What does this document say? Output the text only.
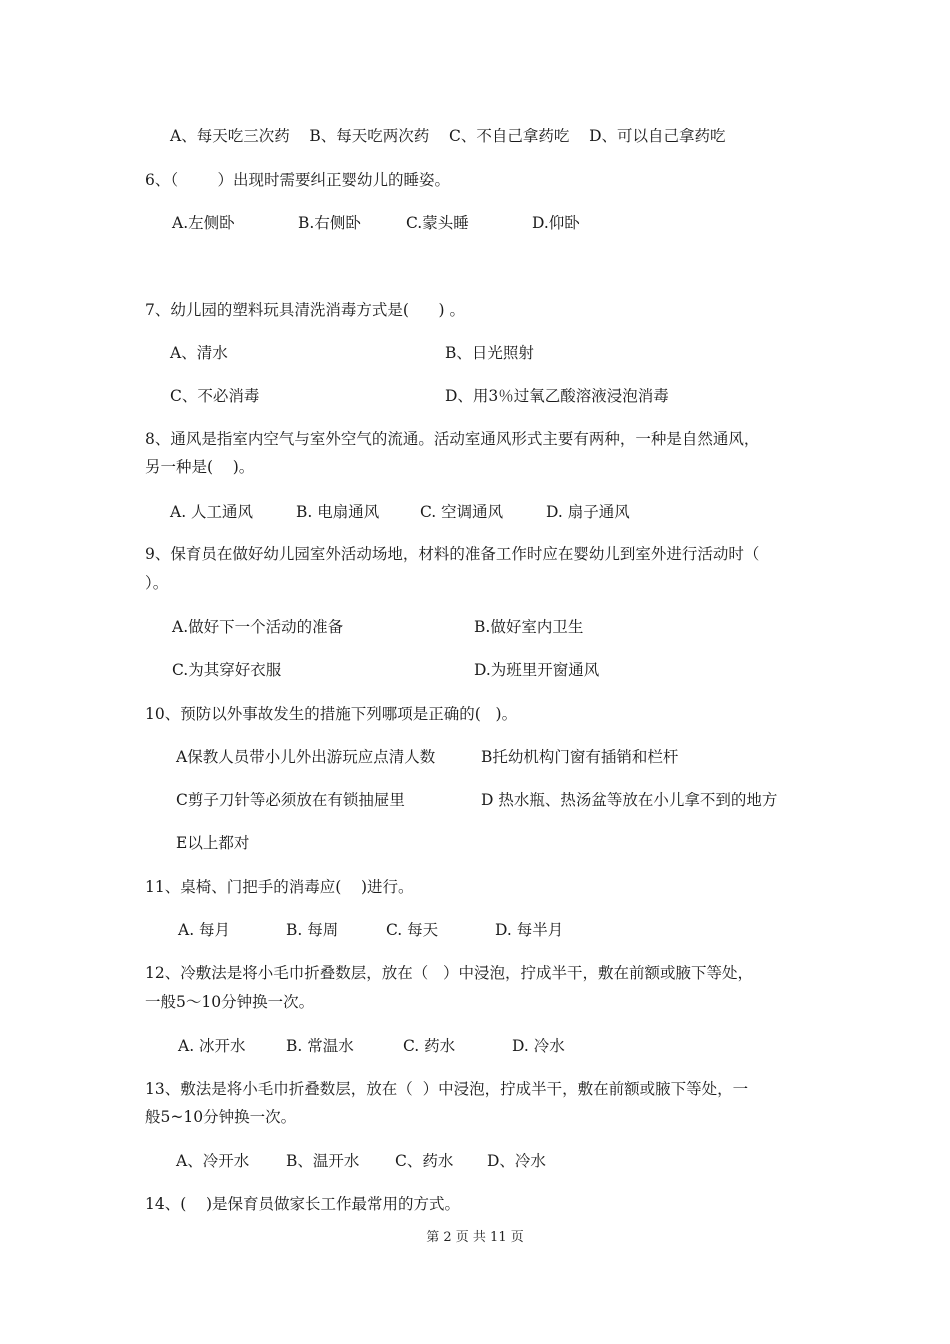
A、每天吃三次药    B、每天吃两次药    C、不自己拿药吃    D、可以自己拿药吃
6、（        ）出现时需要纠正婴幼儿的睡姿。
A.左侧卧	B.右侧卧	C.蒙头睡	D.仰卧
7、幼儿园的塑料玩具清洗消毒方式是(      ) 。
A、清水	B、日光照射
C、不必消毒	D、用3％过氧乙酸溶液浸泡消毒
8、通风是指室内空气与室外空气的流通。活动室通风形式主要有两种，一种是自然通风，
另一种是(    )。
A. 人工通风	B. 电扇通风	C. 空调通风	D. 扇子通风
9、保育员在做好幼儿园室外活动场地，材料的准备工作时应在婴幼儿到室外进行活动时（
）。
A.做好下一个活动的准备	B.做好室内卫生
C.为其穿好衣服	D.为班里开窗通风
10、预防以外事故发生的措施下列哪项是正确的(   )。
A保教人员带小儿外出游玩应点清人数	B托幼机构门窗有插销和栏杆
C剪子刀针等必须放在有锁抽屉里	D 热水瓶、热汤盆等放在小儿拿不到的地方
E以上都对
11、桌椅、门把手的消毒应(    )进行。
A. 每月	B. 每周	C. 每天	D. 每半月
12、冷敷法是将小毛巾折叠数层，放在（   ）中浸泡，拧成半干，敷在前额或腋下等处，
一般5～10分钟换一次。
A. 冰开水	B. 常温水	C. 药水	D. 冷水
13、敷法是将小毛巾折叠数层，放在（  ）中浸泡，拧成半干，敷在前额或腋下等处，一
般5~10分钟换一次。
A、冷开水 B、温开水 C、药水 D、冷水
14、(    )是保育员做家长工作最常用的方式。
第 2 页 共 11 页
